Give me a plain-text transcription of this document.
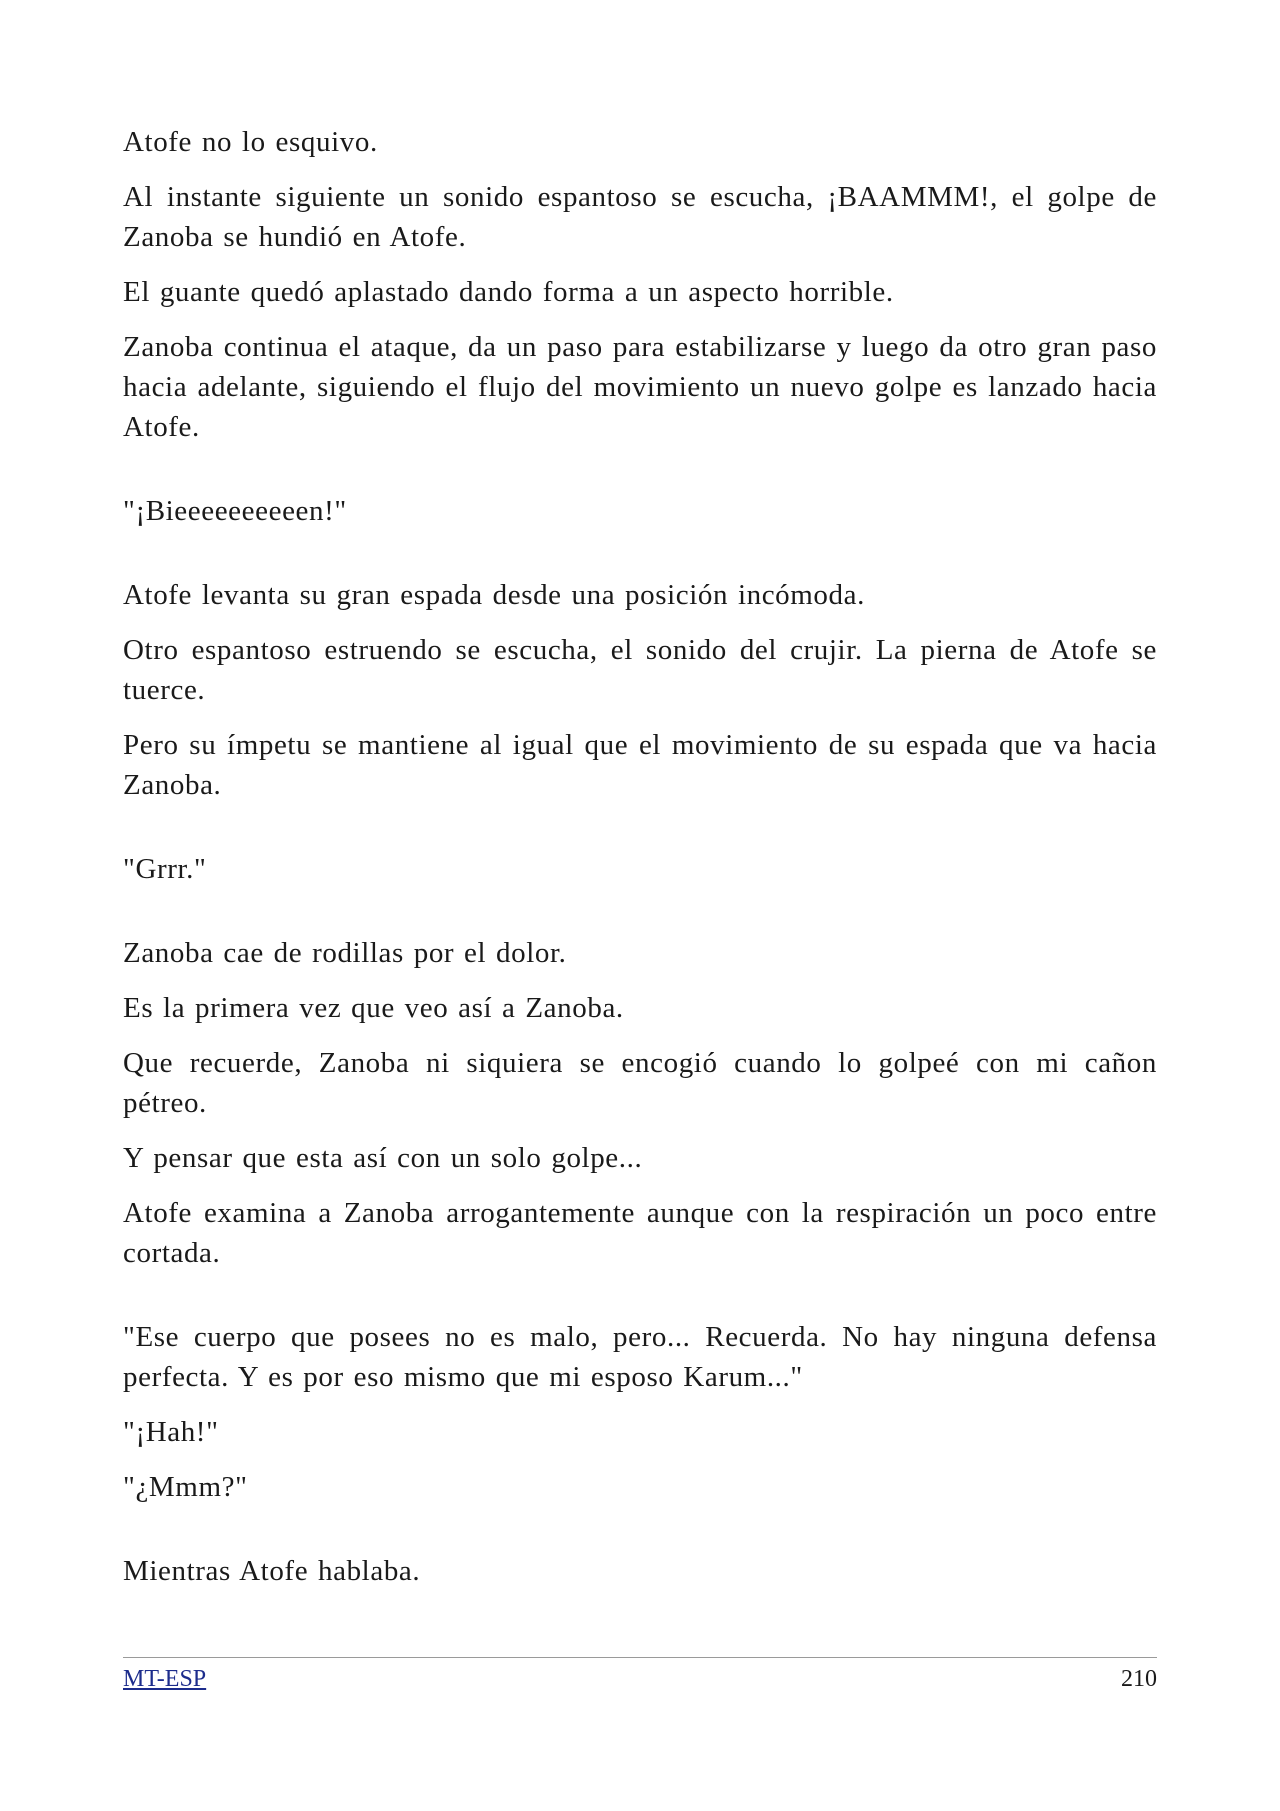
Atofe no lo esquivo.

Al instante siguiente un sonido espantoso se escucha, ¡BAAMMM!, el golpe de Zanoba se hundió en Atofe.

El guante quedó aplastado dando forma a un aspecto horrible.

Zanoba continua el ataque, da un paso para estabilizarse y luego da otro gran paso hacia adelante, siguiendo el flujo del movimiento un nuevo golpe es lanzado hacia Atofe.

"¡Bieeeeeeeeeen!"

Atofe levanta su gran espada desde una posición incómoda.

Otro espantoso estruendo se escucha, el sonido del crujir. La pierna de Atofe se tuerce.

Pero su ímpetu se mantiene al igual que el movimiento de su espada que va hacia Zanoba.

"Grrr."

Zanoba cae de rodillas por el dolor.

Es la primera vez que veo así a Zanoba.

Que recuerde, Zanoba ni siquiera se encogió cuando lo golpeé con mi cañon pétreo.

Y pensar que esta así con un solo golpe...

Atofe examina a Zanoba arrogantemente aunque con la respiración un poco entre cortada.

"Ese cuerpo que posees no es malo, pero... Recuerda. No hay ninguna defensa perfecta. Y es por eso mismo que mi esposo Karum..."

"¡Hah!"

"¿Mmm?"

Mientras Atofe hablaba.

MT-ESP	210
